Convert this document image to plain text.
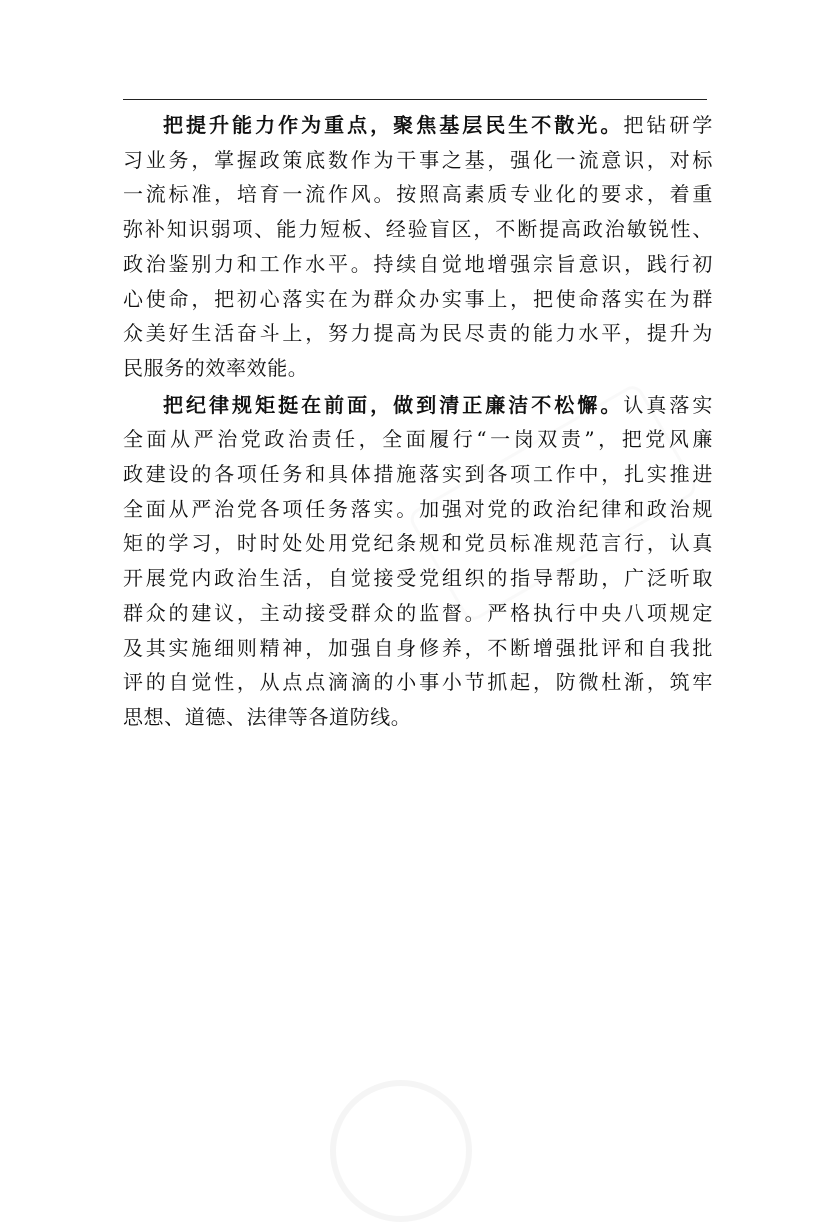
把提升能力作为重点，聚焦基层民生不散光。把钻研学
习业务，掌握政策底数作为干事之基，强化一流意识，对标
一流标准，培育一流作风。按照高素质专业化的要求，着重
弥补知识弱项、能力短板、经验盲区，不断提高政治敏锐性、
政治鉴别力和工作水平。持续自觉地增强宗旨意识，践行初
心使命，把初心落实在为群众办实事上，把使命落实在为群
众美好生活奋斗上，努力提高为民尽责的能力水平，提升为
民服务的效率效能。

把纪律规矩挺在前面，做到清正廉洁不松懈。认真落实
全面从严治党政治责任，全面履行“一岗双责”，把党风廉
政建设的各项任务和具体措施落实到各项工作中，扎实推进
全面从严治党各项任务落实。加强对党的政治纪律和政治规
矩的学习，时时处处用党纪条规和党员标准规范言行，认真
开展党内政治生活，自觉接受党组织的指导帮助，广泛听取
群众的建议，主动接受群众的监督。严格执行中央八项规定
及其实施细则精神，加强自身修养，不断增强批评和自我批
评的自觉性，从点点滴滴的小事小节抓起，防微杜渐，筑牢
思想、道德、法律等各道防线。
